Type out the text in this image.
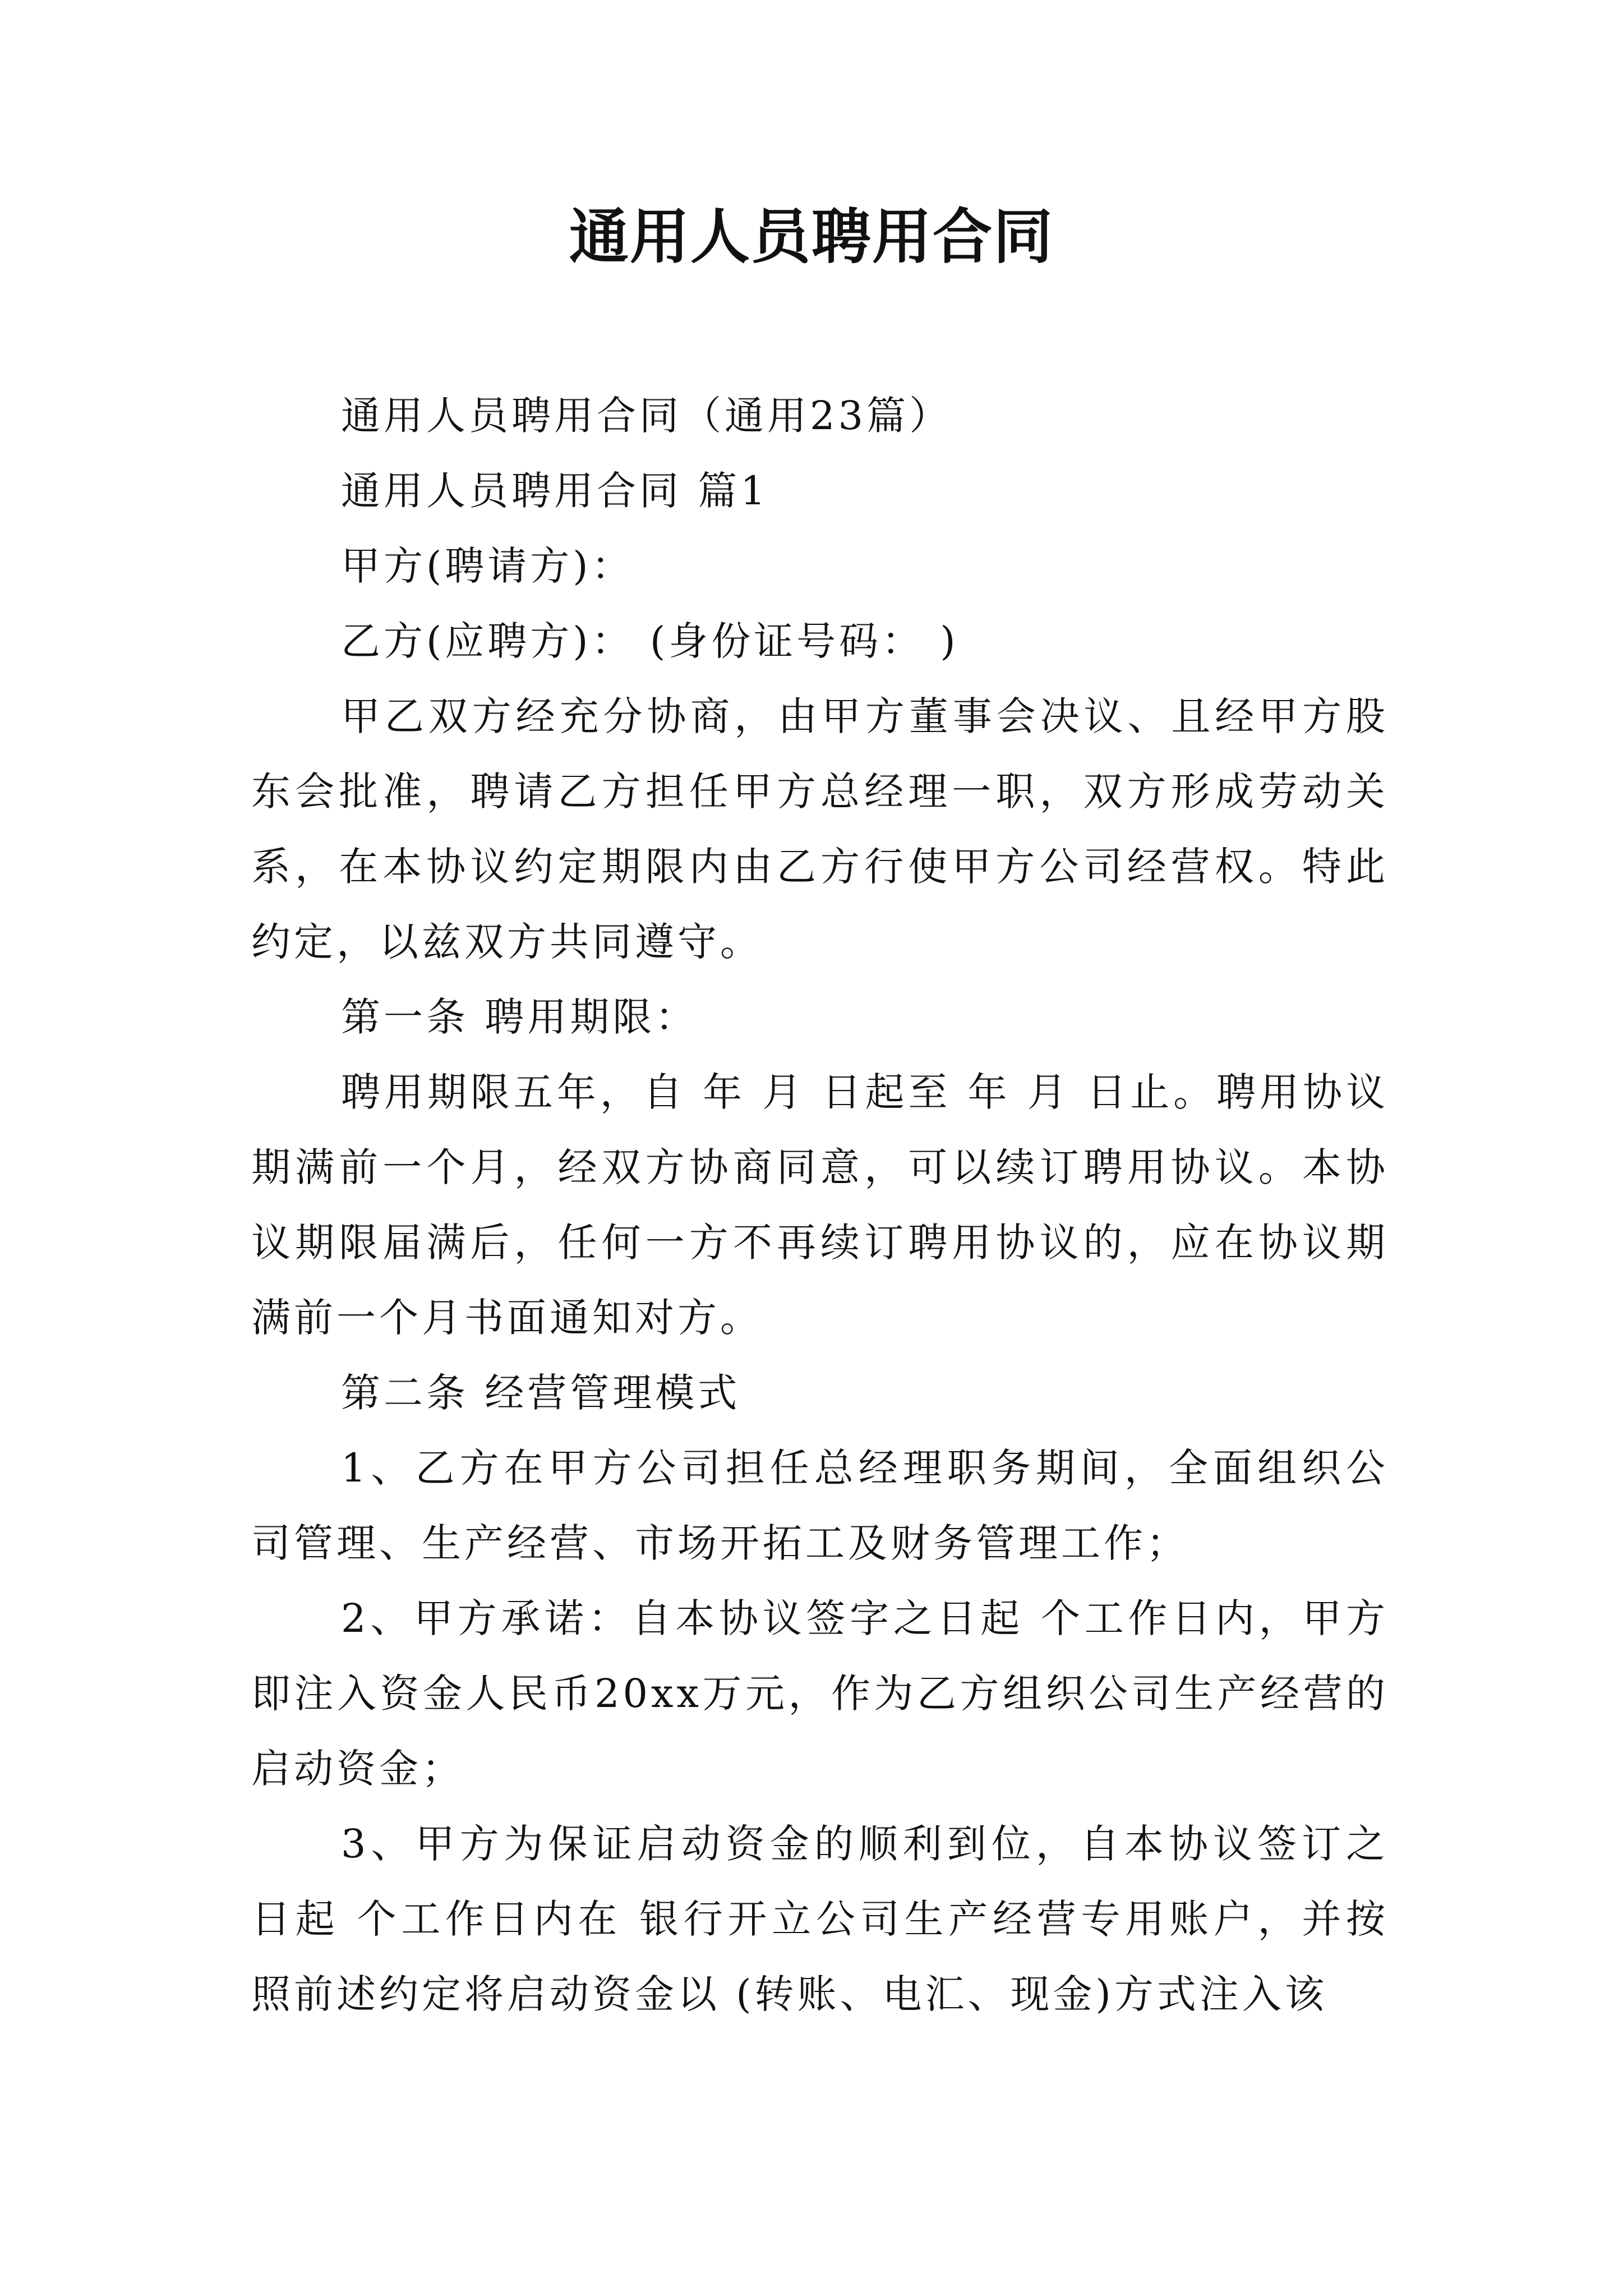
通用人员聘用合同

通用人员聘用合同（通用23篇）

通用人员聘用合同 篇1

甲方(聘请方)：

乙方(应聘方)： (身份证号码： )

甲乙双方经充分协商，由甲方董事会决议、且经甲方股东会批准，聘请乙方担任甲方总经理一职，双方形成劳动关系，在本协议约定期限内由乙方行使甲方公司经营权。特此约定，以兹双方共同遵守。

第一条 聘用期限：

聘用期限五年，自 年 月 日起至 年 月 日止。聘用协议期满前一个月，经双方协商同意，可以续订聘用协议。本协议期限届满后，任何一方不再续订聘用协议的，应在协议期满前一个月书面通知对方。

第二条 经营管理模式

1、乙方在甲方公司担任总经理职务期间，全面组织公司管理、生产经营、市场开拓工及财务管理工作；

2、甲方承诺：自本协议签字之日起 个工作日内，甲方即注入资金人民币20xx万元，作为乙方组织公司生产经营的启动资金；

3、甲方为保证启动资金的顺利到位，自本协议签订之日起 个工作日内在 银行开立公司生产经营专用账户，并按照前述约定将启动资金以 (转账、电汇、现金)方式注入该
